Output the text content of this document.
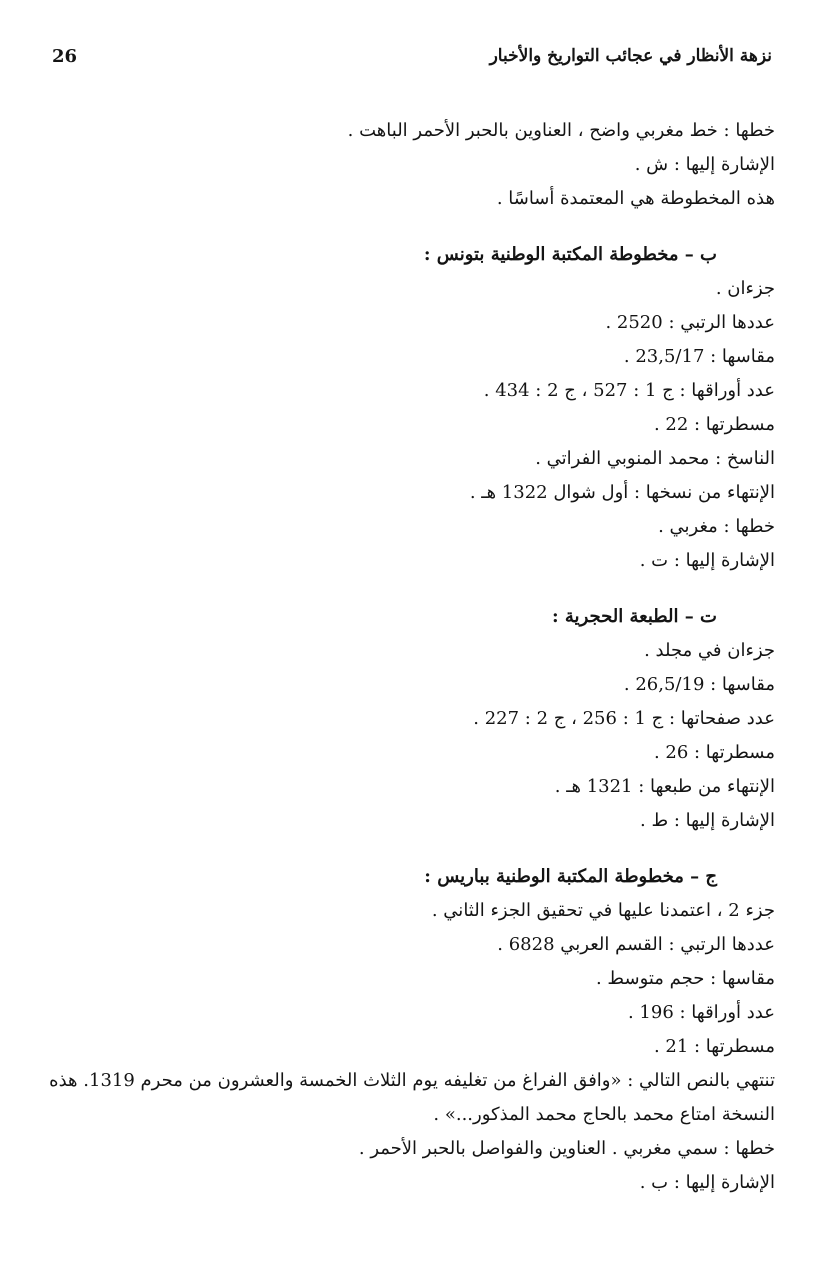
26	نزهة الأنظار في عجائب التواريخ والأخبار
خطها : خط مغربي واضح ، العناوين بالحبر الأحمر الباهت .
الإشارة إليها : ش .
هذه المخطوطة هي المعتمدة أساسًا .
ب – مخطوطة المكتبة الوطنية بتونس :
جزءان .
عددها الرتبي : 2520 .
مقاسها : 23,5/17 .
عدد أوراقها : ج 1 : 527 ، ج 2 : 434 .
مسطرتها : 22 .
الناسخ : محمد المنوبي الفراتي .
الإنتهاء من نسخها : أول شوال 1322 هـ .
خطها : مغربي .
الإشارة إليها : ت .
ت – الطبعة الحجرية :
جزءان في مجلد .
مقاسها : 26,5/19 .
عدد صفحاتها : ج 1 : 256 ، ج 2 : 227 .
مسطرتها : 26 .
الإنتهاء من طبعها : 1321 هـ .
الإشارة إليها : ط .
ج – مخطوطة المكتبة الوطنية بباريس :
جزء 2 ، اعتمدنا عليها في تحقيق الجزء الثاني .
عددها الرتبي : القسم العربي 6828 .
مقاسها : حجم متوسط .
عدد أوراقها : 196 .
مسطرتها : 21 .
تنتهي بالنص التالي : «وافق الفراغ من تغليفه يوم الثلاث الخمسة والعشرون من محرم 1319. هذه النسخة امتاع محمد بالحاج محمد المذكور...» .
خطها : سمي مغربي . العناوين والفواصل بالحبر الأحمر .
الإشارة إليها : ب .
